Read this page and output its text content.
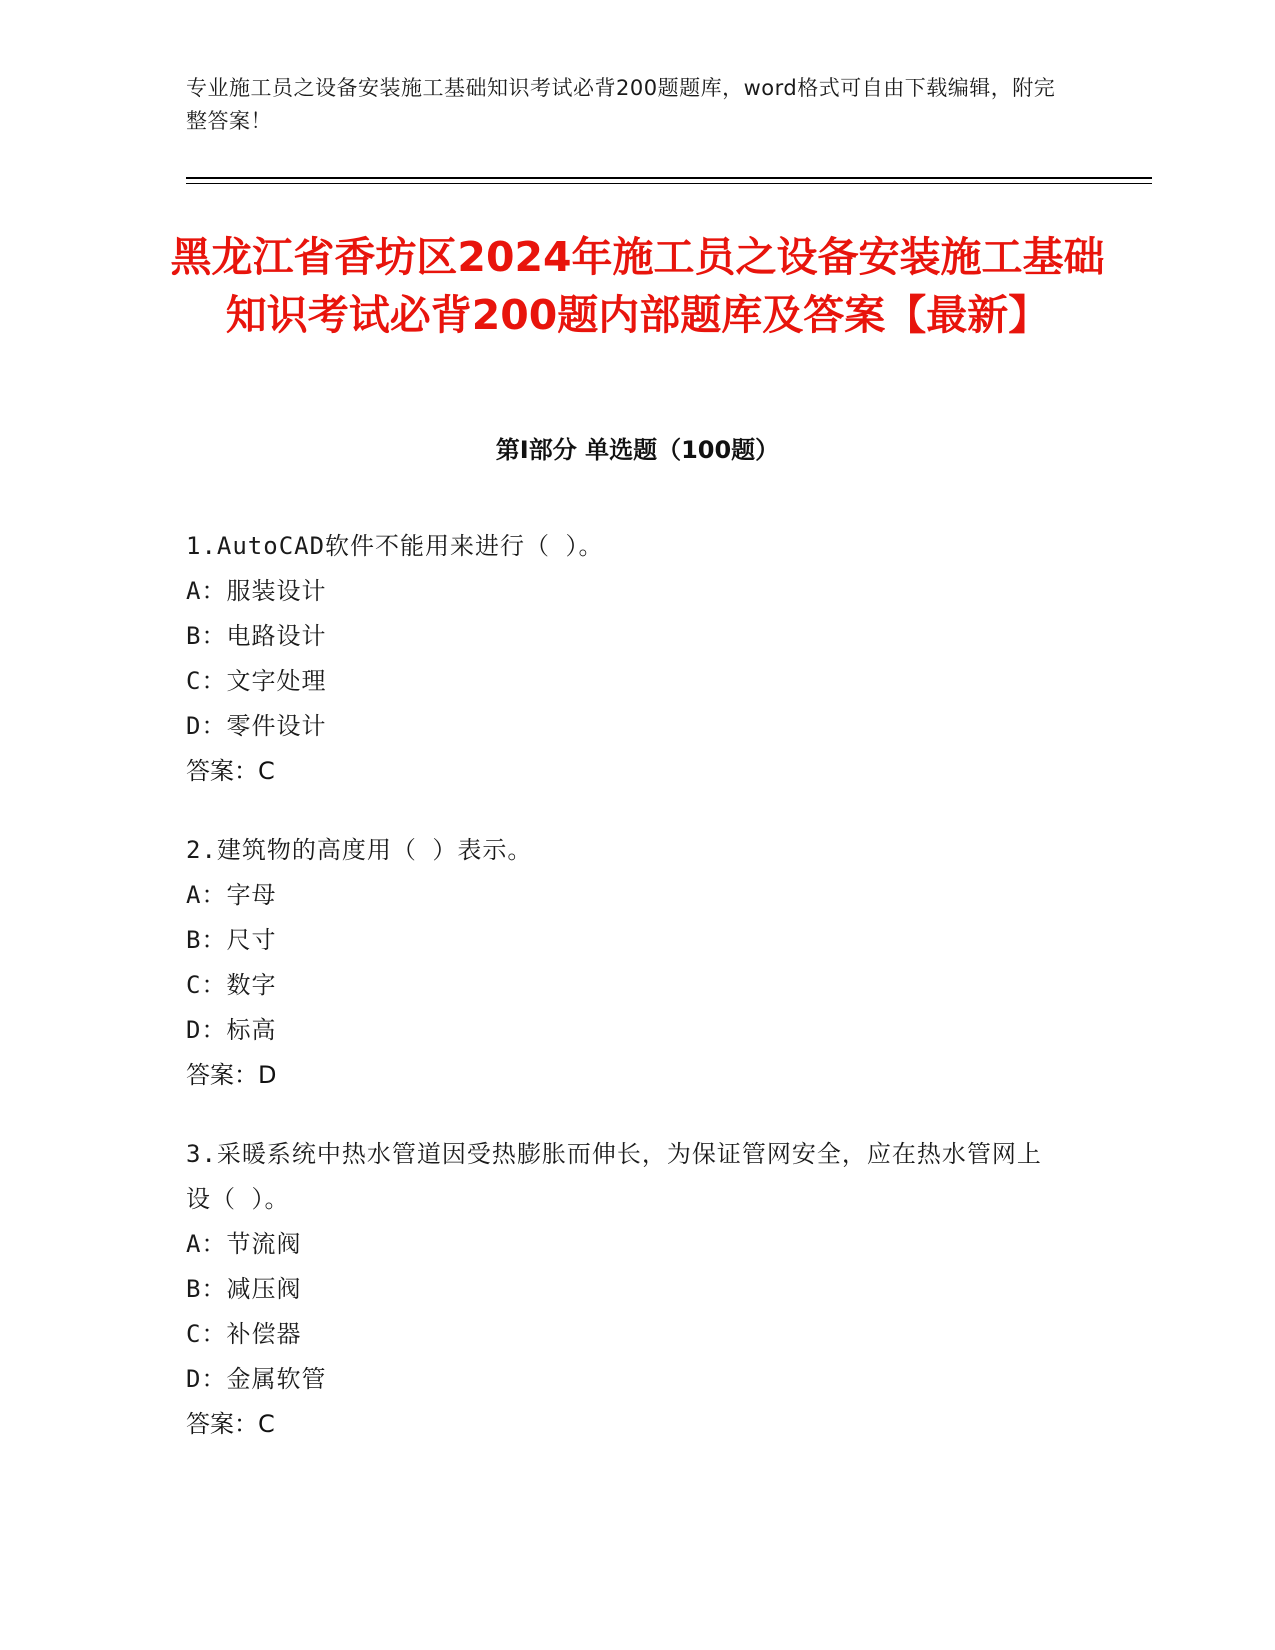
专业施工员之设备安装施工基础知识考试必背200题题库，word格式可自由下载编辑，附完整答案！
黑龙江省香坊区2024年施工员之设备安装施工基础知识考试必背200题内部题库及答案【最新】
第Ⅰ部分 单选题（100题）
1.AutoCAD软件不能用来进行（ ）。
A：服装设计
B：电路设计
C：文字处理
D：零件设计
答案：C
2.建筑物的高度用（ ）表示。
A：字母
B：尺寸
C：数字
D：标高
答案：D
3.采暖系统中热水管道因受热膨胀而伸长，为保证管网安全，应在热水管网上设（ ）。
A：节流阀
B：减压阀
C：补偿器
D：金属软管
答案：C
